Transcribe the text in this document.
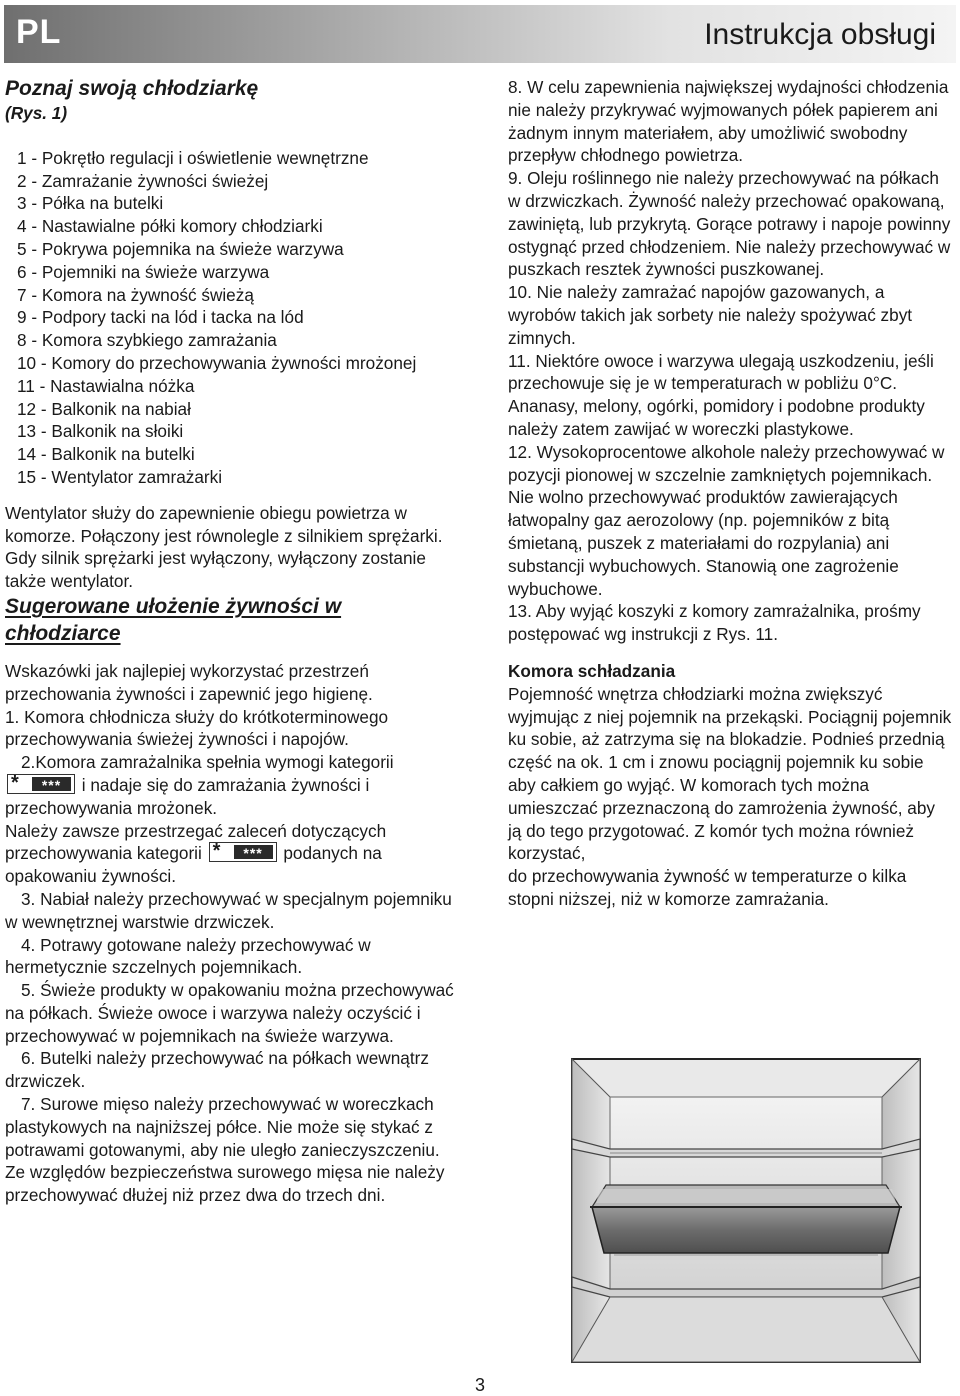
PL	Instrukcja obsługi

Poznaj swoją chłodziarkę

(Rys. 1)

1 - Pokrętło regulacji i oświetlenie wewnętrzne

2 - Zamrażanie żywności świeżej

3 - Półka na butelki

4 - Nastawialne półki komory chłodziarki

5 - Pokrywa pojemnika na świeże warzywa

6 - Pojemniki na świeże warzywa

7 - Komora na żywność świeżą

9 - Podpory tacki na lód i tacka na lód

8 - Komora szybkiego zamrażania

10 - Komory do przechowywania żywności mrożonej

11 - Nastawialna nóżka

12 - Balkonik na nabiał

13 - Balkonik na słoiki

14 - Balkonik na butelki

15 - Wentylator zamrażarki

Wentylator służy do zapewnienie obiegu powietrza w komorze. Połączony jest równolegle z silnikiem sprężarki. Gdy silnik sprężarki jest wyłączony, wyłączony zostanie także wentylator.

Sugerowane ułożenie żywności w chłodziarce

Wskazówki jak najlepiej wykorzystać przestrzeń przechowania żywności i zapewnić jego higienę.

1. Komora chłodnicza służy do krótkoterminowego przechowywania świeżej żywności i napojów.

2.Komora zamrażalnika spełnia wymogi kategorii
*	***	i nadaje się do zamrażania żywności i przechowywania mrożonek.

Należy zawsze przestrzegać zaleceń dotyczących przechowywania kategorii *	***	podanych na opakowaniu żywności.

3. Nabiał należy przechowywać w specjalnym pojemniku w wewnętrznej warstwie drzwiczek.

4. Potrawy gotowane należy przechowywać w hermetycznie szczelnych pojemnikach.

5. Świeże produkty w opakowaniu można przechowywać na półkach. Świeże owoce i warzywa należy oczyścić i przechowywać w pojemnikach na świeże warzywa.

6. Butelki należy przechowywać na półkach wewnątrz drzwiczek.

7. Surowe mięso należy przechowywać w woreczkach plastykowych na najniższej półce. Nie może się stykać z potrawami gotowanymi, aby nie uległo zanieczyszczeniu. Ze względów bezpieczeństwa surowego mięsa nie należy przechowywać dłużej niż przez dwa do trzech dni.

8. W celu zapewnienia największej wydajności chłodzenia nie należy przykrywać wyjmowanych półek papierem ani żadnym innym materiałem, aby umożliwić swobodny przepływ chłodnego powietrza.

9. Oleju roślinnego nie należy przechowywać na półkach w drzwiczkach. Żywność należy przechować opakowaną, zawiniętą, lub przykrytą. Gorące potrawy i napoje powinny ostygnąć przed chłodzeniem. Nie należy przechowywać w puszkach resztek żywności puszkowanej.

10. Nie należy zamrażać napojów gazowanych, a wyrobów takich jak sorbety nie należy spożywać zbyt zimnych.

11. Niektóre owoce i warzywa ulegają uszkodzeniu, jeśli przechowuje się je w temperaturach w pobliżu 0°C. Ananasy, melony, ogórki, pomidory i podobne produkty należy zatem zawijać w woreczki plastykowe.

12. Wysokoprocentowe alkohole należy przechowywać w pozycji pionowej w szczelnie zamkniętych pojemnikach. Nie wolno przechowywać produktów zawierających łatwopalny gaz aerozolowy (np. pojemników z bitą śmietaną, puszek z materiałami do rozpylania) ani substancji wybuchowych. Stanowią one zagrożenie wybuchowe.

13. Aby wyjąć koszyki z komory zamrażalnika, prośmy postępować wg instrukcji z Rys. 11.

Komora schładzania

Pojemność wnętrza chłodziarki można zwiększyć wyjmując z niej pojemnik na przekąski. Pociągnij pojemnik ku sobie, aż zatrzyma się na blokadzie. Podnieś przednią część na ok. 1 cm i znowu pociągnij pojemnik ku sobie aby całkiem go wyjąć. W komorach tych można umieszczać przeznaczoną do zamrożenia żywność, aby ją do tego przygotować. Z komór tych można również korzystać,

do przechowywania żywność w temperaturze o kilka stopni niższej, niż w komorze zamrażania.

3
